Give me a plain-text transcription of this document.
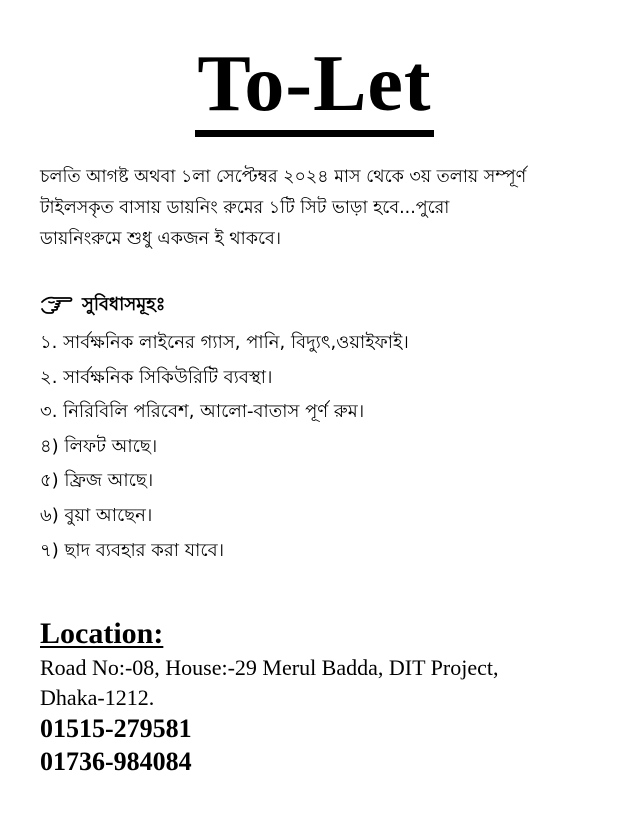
To-Let

চলতি আগষ্ট অথবা ১লা সেপ্টেম্বর ২০২৪ মাস থেকে ৩য় তলায় সম্পূর্ণ

টাইলসকৃত বাসায় ডায়নিং রুমের ১টি সিট ভাড়া হবে...পুরো

ডায়নিংরুমে শুধু একজন ই থাকবে।

সুবিধাসমূহঃ
১. সার্বক্ষনিক লাইনের গ্যাস, পানি, বিদ্যুৎ,ওয়াইফাই।
২. সার্বক্ষনিক সিকিউরিটি ব্যবস্থা।
৩. নিরিবিলি পরিবেশ, আলো-বাতাস পূর্ণ রুম।
৪) লিফট আছে।
৫) ফ্রিজ আছে।
৬) বুয়া আছেন।
৭) ছাদ ব্যবহার করা যাবে।
Location:
Road No:-08, House:-29 Merul Badda, DIT Project,
Dhaka-1212.
01515-279581
01736-984084
